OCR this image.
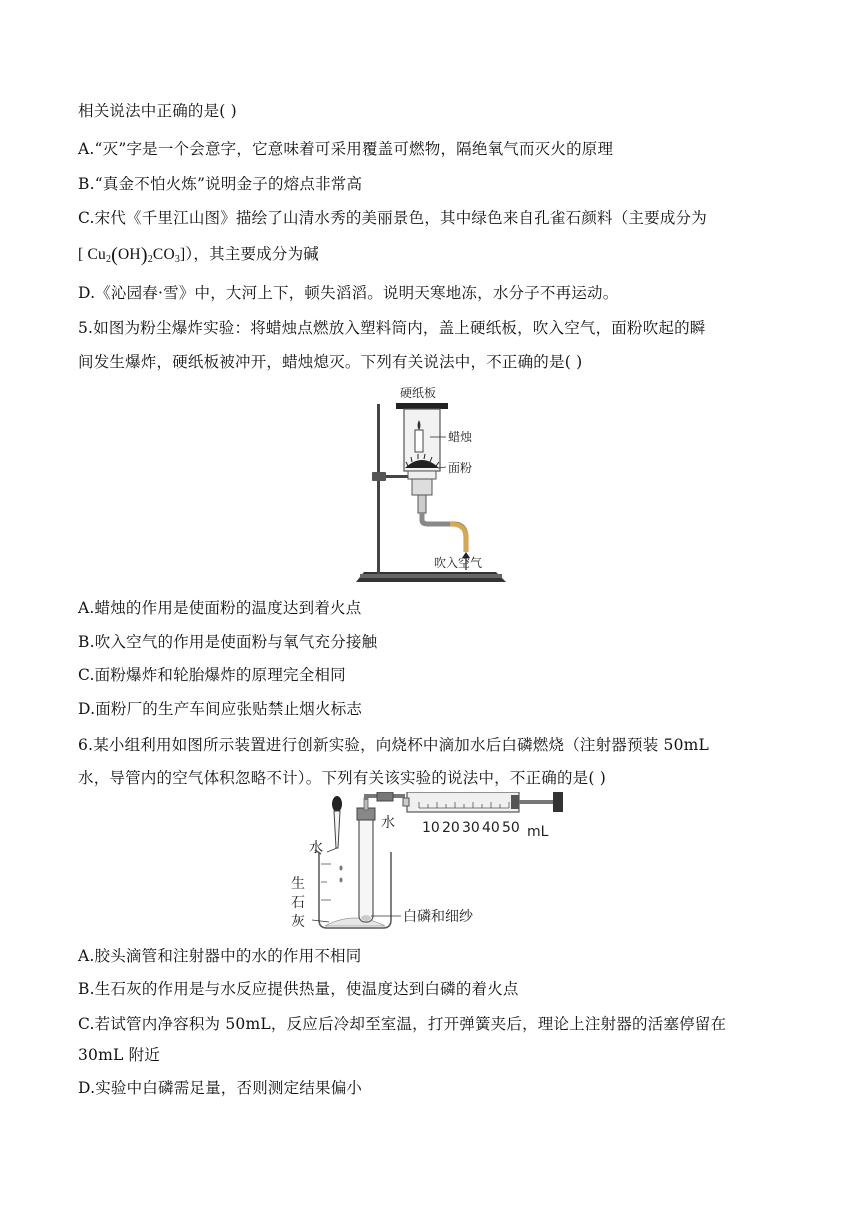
相关说法中正确的是( )
A.“灭”字是一个会意字，它意味着可采用覆盖可燃物，隔绝氧气而灭火的原理
B.“真金不怕火炼”说明金子的熔点非常高
C.宋代《千里江山图》描绘了山清水秀的美丽景色，其中绿色来自孔雀石颜料（主要成分为
[ $Cu_2(OH)_2CO_3$]），其主要成分为碱
D.《沁园春·雪》中，大河上下，顿失滔滔。说明天寒地冻，水分子不再运动。
5.如图为粉尘爆炸实验：将蜡烛点燃放入塑料筒内，盖上硬纸板，吹入空气，面粉吹起的瞬
间发生爆炸，硬纸板被冲开，蜡烛熄灭。下列有关说法中，不正确的是( )
硬纸板
蜡烛
面粉
吹入空气
A.蜡烛的作用是使面粉的温度达到着火点
B.吹入空气的作用是使面粉与氧气充分接触
C.面粉爆炸和轮胎爆炸的原理完全相同
D.面粉厂的生产车间应张贴禁止烟火标志
6.某小组利用如图所示装置进行创新实验，向烧杯中滴加水后白磷燃烧（注射器预装 50mL
水，导管内的空气体积忽略不计）。下列有关该实验的说法中，不正确的是( )
水
水
生
石
灰	白磷和细纱
10 20 30 40 50 mL
A.胶头滴管和注射器中的水的作用不相同
B.生石灰的作用是与水反应提供热量，使温度达到白磷的着火点
C.若试管内净容积为 50mL，反应后冷却至室温，打开弹簧夹后，理论上注射器的活塞停留在
30mL 附近
D.实验中白磷需足量，否则测定结果偏小
